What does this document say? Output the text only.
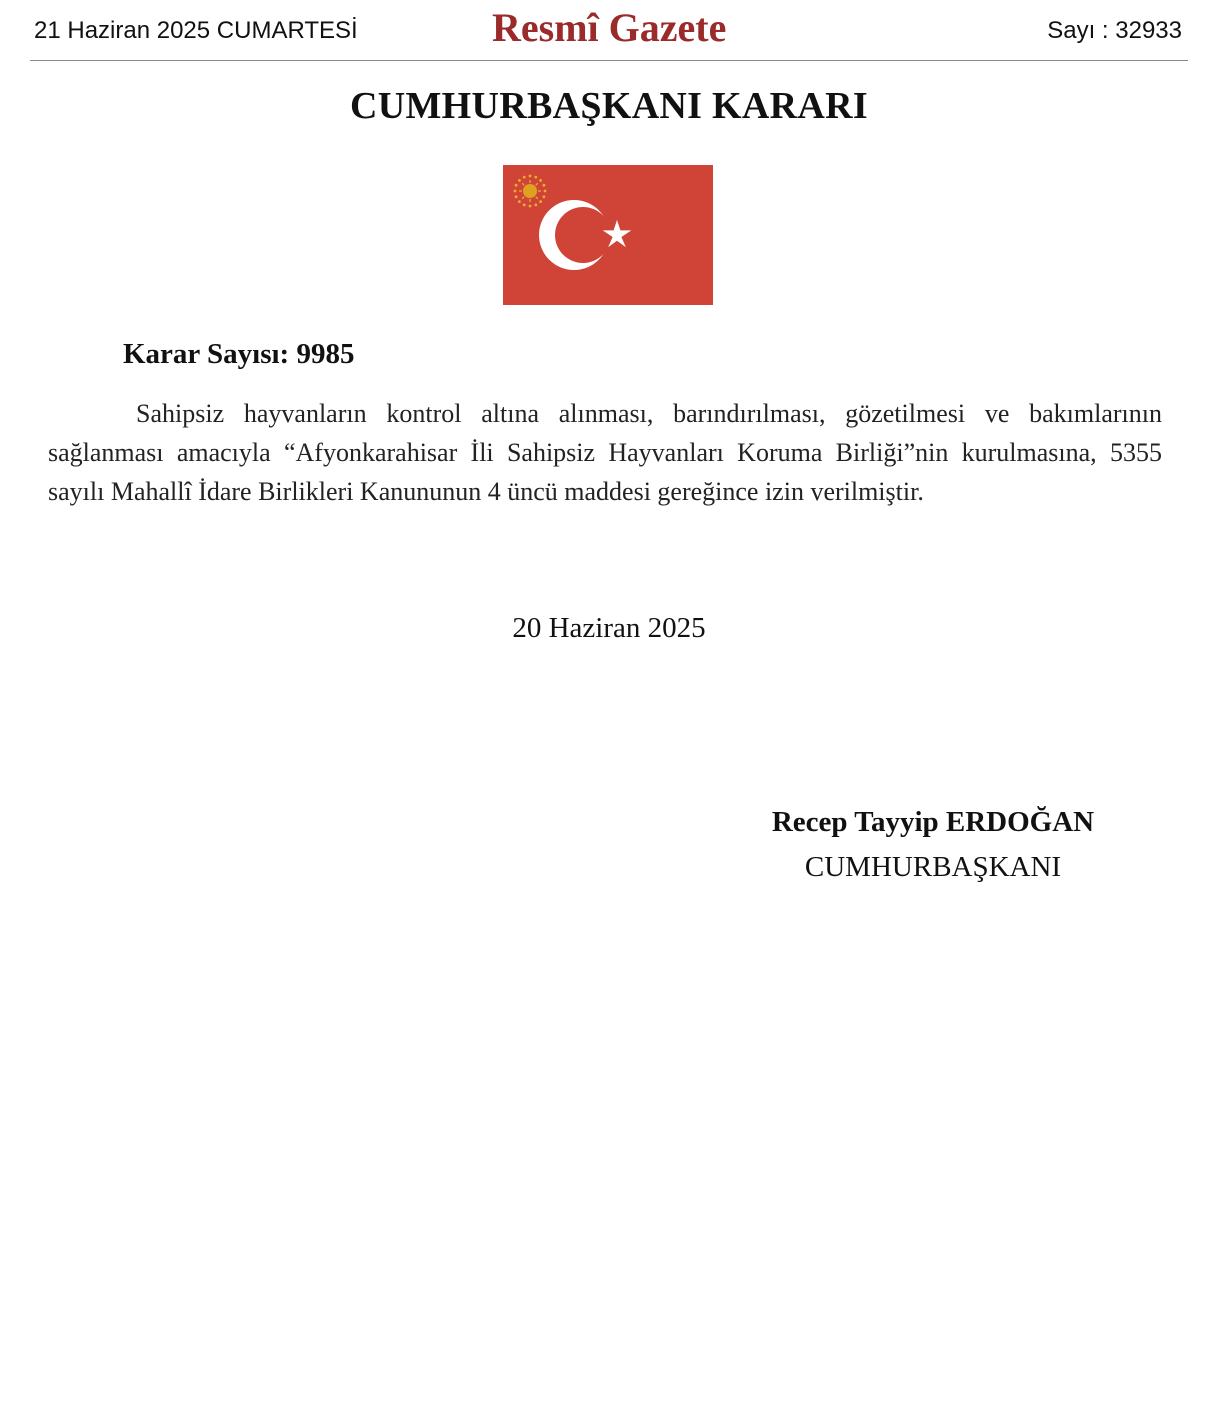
21 Haziran 2025 CUMARTESİ	Resmî Gazete	Sayı : 32933
CUMHURBAŞKANI KARARI
Karar Sayısı: 9985
Sahipsiz hayvanların kontrol altına alınması, barındırılması, gözetilmesi ve bakımlarının sağlanması amacıyla “Afyonkarahisar İli Sahipsiz Hayvanları Koruma Birliği”nin kurulmasına, 5355 sayılı Mahallî İdare Birlikleri Kanununun 4 üncü maddesi gereğince izin verilmiştir.
20 Haziran 2025
Recep Tayyip ERDOĞAN
CUMHURBAŞKANI
